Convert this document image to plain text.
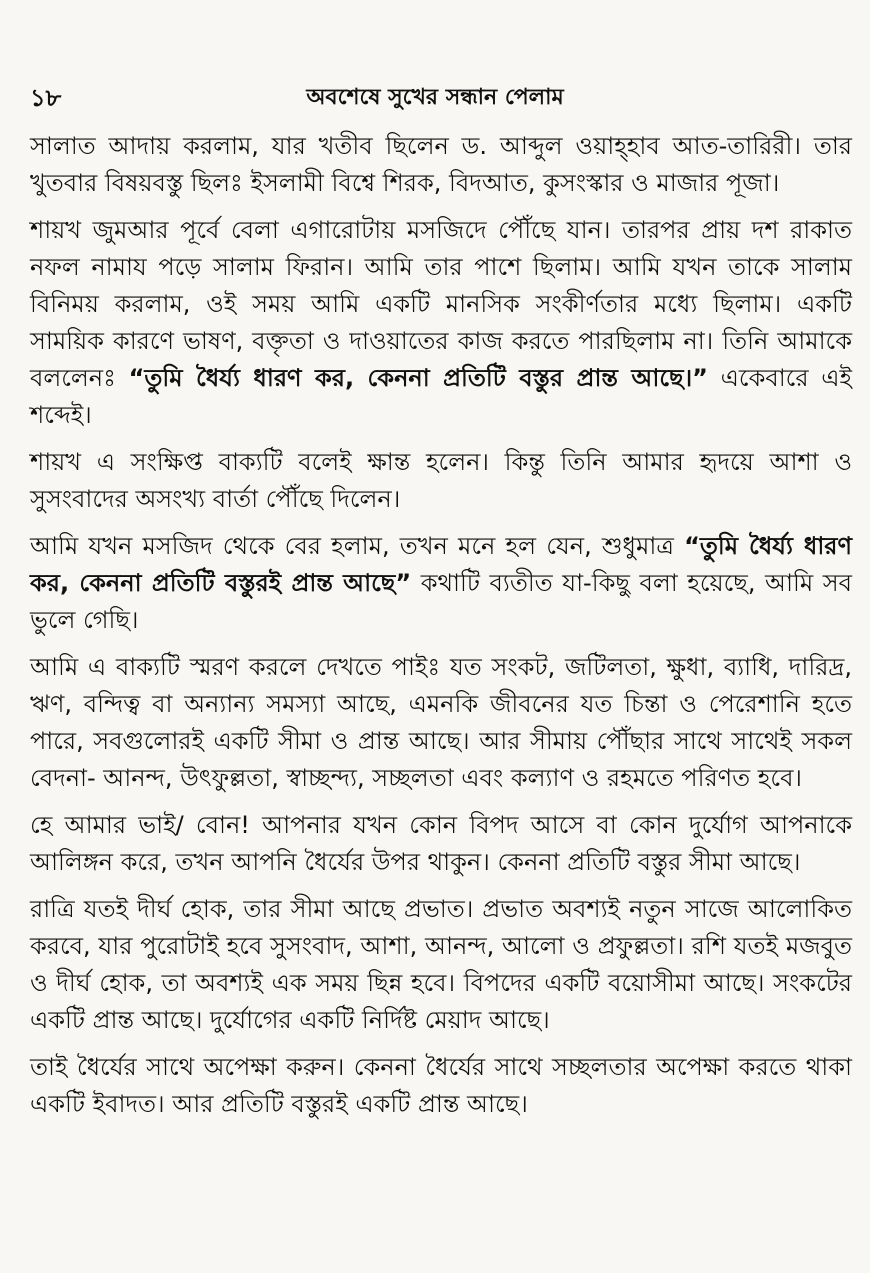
১৮	অবশেষে সুখের সন্ধান পেলাম

সালাত আদায় করলাম, যার খতীব ছিলেন ড. আব্দুল ওয়াহ্হাব আত-তারিরী। তার খুতবার বিষয়বস্তু ছিলঃ ইসলামী বিশ্বে শিরক, বিদআত, কুসংস্কার ও মাজার পূজা।

শায়খ জুমআর পূর্বে বেলা এগারোটায় মসজিদে পৌঁছে যান। তারপর প্রায় দশ রাকাত নফল নামায পড়ে সালাম ফিরান। আমি তার পাশে ছিলাম। আমি যখন তাকে সালাম বিনিময় করলাম, ওই সময় আমি একটি মানসিক সংকীর্ণতার মধ্যে ছিলাম। একটি সাময়িক কারণে ভাষণ, বক্তৃতা ও দাওয়াতের কাজ করতে পারছিলাম না। তিনি আমাকে বললেনঃ “তুমি ধৈর্য্য ধারণ কর, কেননা প্রতিটি বস্তুর প্রান্ত আছে।” একেবারে এই শব্দেই।

শায়খ এ সংক্ষিপ্ত বাক্যটি বলেই ক্ষান্ত হলেন। কিন্তু তিনি আমার হৃদয়ে আশা ও সুসংবাদের অসংখ্য বার্তা পৌঁছে দিলেন।

আমি যখন মসজিদ থেকে বের হলাম, তখন মনে হল যেন, শুধুমাত্র “তুমি ধৈর্য্য ধারণ কর, কেননা প্রতিটি বস্তুরই প্রান্ত আছে” কথাটি ব্যতীত যা-কিছু বলা হয়েছে, আমি সব ভুলে গেছি।

আমি এ বাক্যটি স্মরণ করলে দেখতে পাইঃ যত সংকট, জটিলতা, ক্ষুধা, ব্যাধি, দারিদ্র, ঋণ, বন্দিত্ব বা অন্যান্য সমস্যা আছে, এমনকি জীবনের যত চিন্তা ও পেরেশানি হতে পারে, সবগুলোরই একটি সীমা ও প্রান্ত আছে। আর সীমায় পৌঁছার সাথে সাথেই সকল বেদনা- আনন্দ, উৎফুল্লতা, স্বাচ্ছন্দ্য, সচ্ছলতা এবং কল্যাণ ও রহমতে পরিণত হবে।

হে আমার ভাই/ বোন! আপনার যখন কোন বিপদ আসে বা কোন দুর্যোগ আপনাকে আলিঙ্গন করে, তখন আপনি ধৈর্যের উপর থাকুন। কেননা প্রতিটি বস্তুর সীমা আছে।

রাত্রি যতই দীর্ঘ হোক, তার সীমা আছে প্রভাত। প্রভাত অবশ্যই নতুন সাজে আলোকিত করবে, যার পুরোটাই হবে সুসংবাদ, আশা, আনন্দ, আলো ও প্রফুল্লতা। রশি যতই মজবুত ও দীর্ঘ হোক, তা অবশ্যই এক সময় ছিন্ন হবে। বিপদের একটি বয়োসীমা আছে। সংকটের একটি প্রান্ত আছে। দুর্যোগের একটি নির্দিষ্ট মেয়াদ আছে।

তাই ধৈর্যের সাথে অপেক্ষা করুন। কেননা ধৈর্যের সাথে সচ্ছলতার অপেক্ষা করতে থাকা একটি ইবাদত। আর প্রতিটি বস্তুরই একটি প্রান্ত আছে।
